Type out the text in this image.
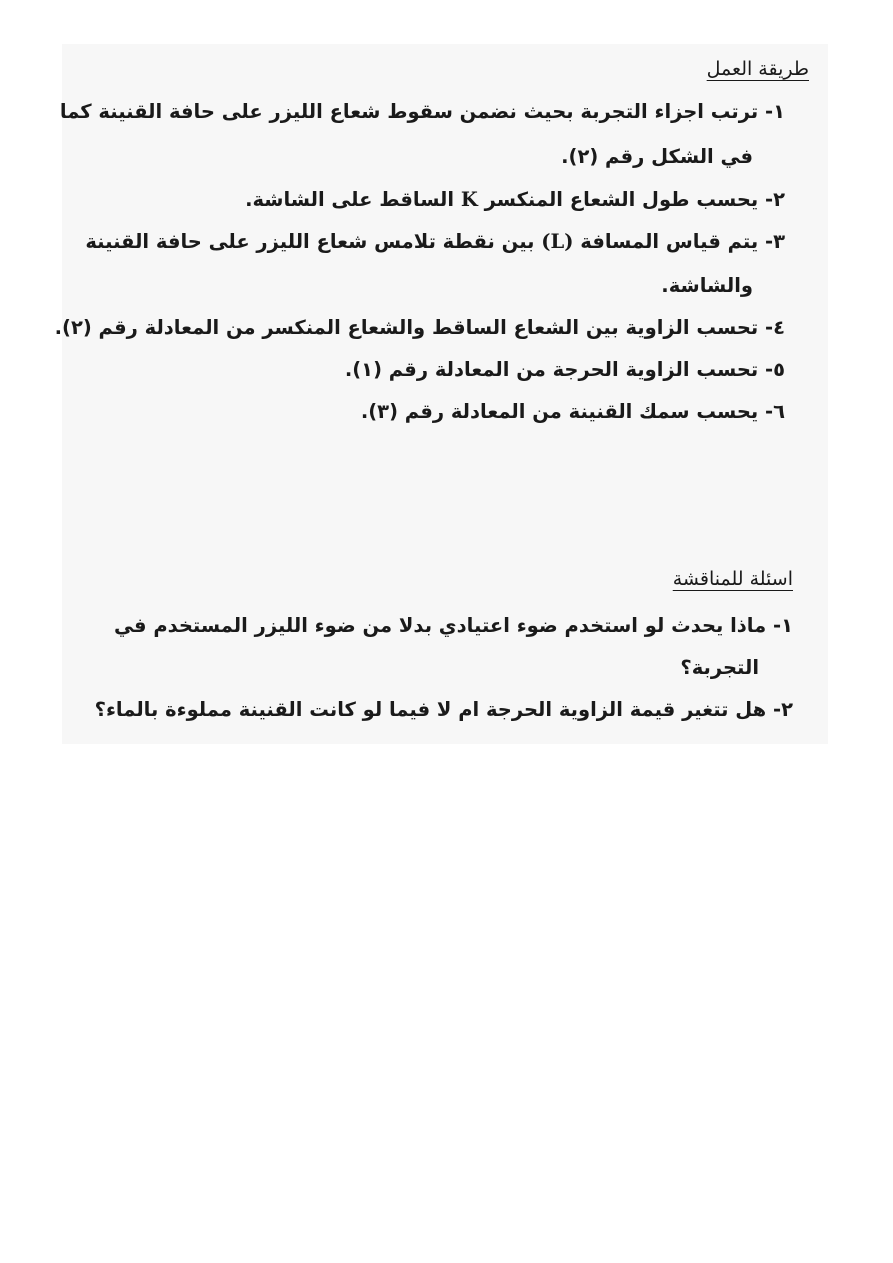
طريقة العمل
١- ترتب اجزاء التجربة بحيث نضمن سقوط شعاع الليزر على حافة القنينة كما
في الشكل رقم (٢).
٢- يحسب طول الشعاع المنكسر K الساقط على الشاشة.
٣- يتم قياس المسافة (L) بين نقطة تلامس شعاع الليزر على حافة القنينة
والشاشة.
٤- تحسب الزاوية بين الشعاع الساقط والشعاع المنكسر من المعادلة رقم (٢).
٥- تحسب الزاوية الحرجة من المعادلة رقم (١).
٦- يحسب سمك القنينة من المعادلة رقم (٣).
اسئلة للمناقشة
١- ماذا يحدث لو استخدم ضوء اعتيادي بدلا من ضوء الليزر المستخدم في
التجربة؟
٢- هل تتغير قيمة الزاوية الحرجة ام لا فيما لو كانت القنينة مملوءة بالماء؟
